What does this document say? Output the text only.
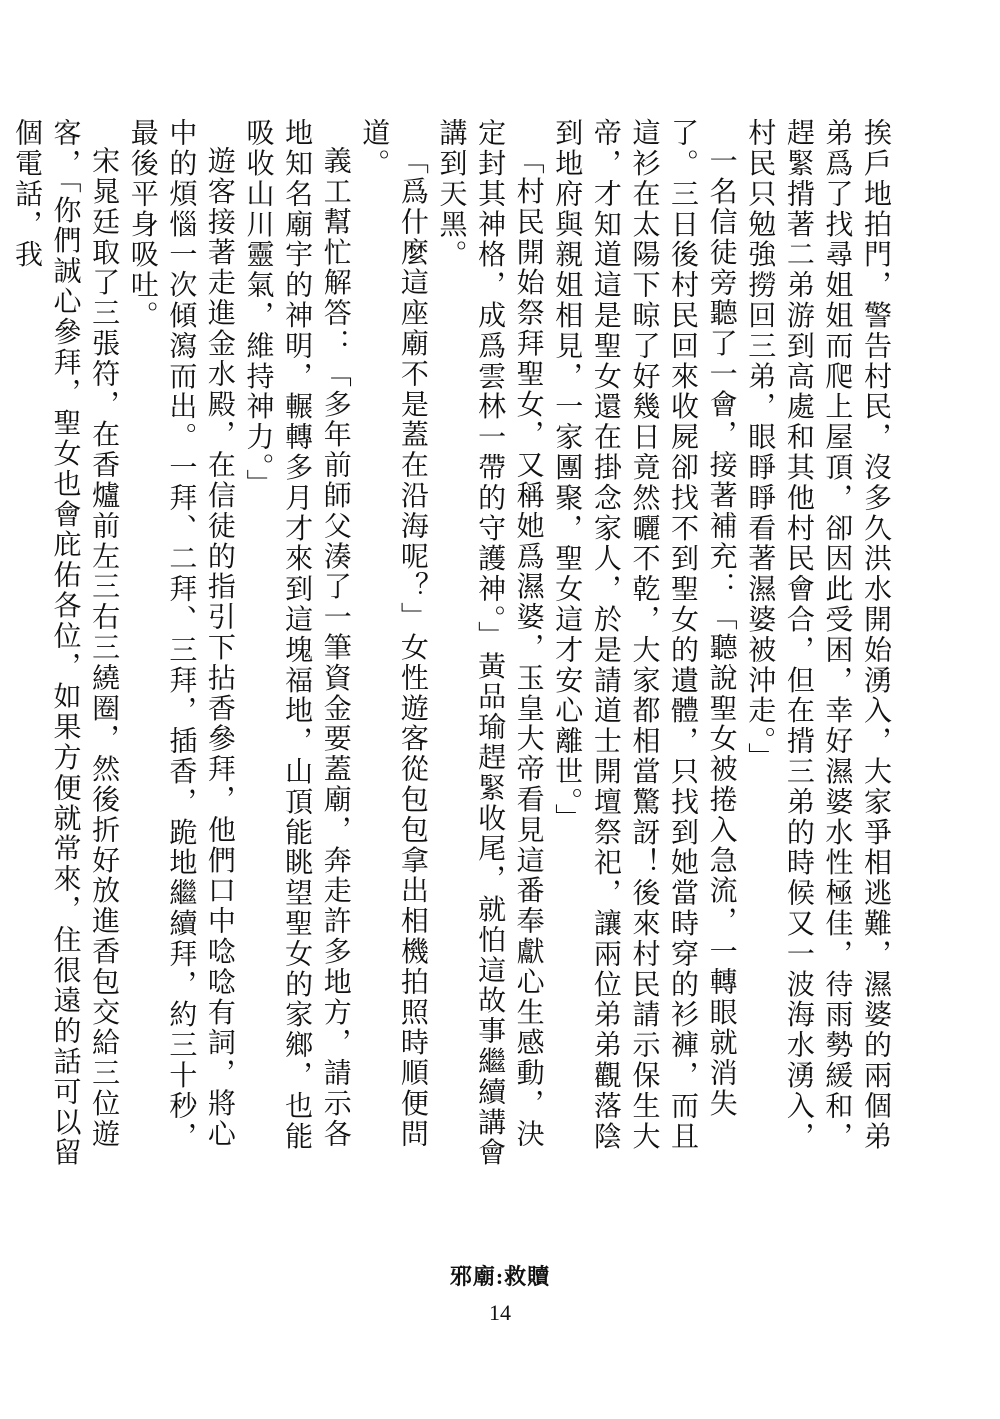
挨戶地拍門，警告村民，沒多久洪水開始湧入，大家爭相逃難，濕婆的兩個弟弟爲了找尋姐姐而爬上屋頂，卻因此受困，幸好濕婆水性極佳，待雨勢緩和，趕緊揹著二弟游到高處和其他村民會合，但在揹三弟的時候又一波海水湧入，村民只勉強撈回三弟，眼睜睜看著濕婆被沖走。」

一名信徒旁聽了一會，接著補充：「聽說聖女被捲入急流，一轉眼就消失了。三日後村民回來收屍卻找不到聖女的遺體，只找到她當時穿的衫褲，而且這衫在太陽下晾了好幾日竟然曬不乾，大家都相當驚訝！後來村民請示保生大帝，才知道這是聖女還在掛念家人，於是請道士開壇祭祀，讓兩位弟弟觀落陰到地府與親姐相見，一家團聚，聖女這才安心離世。」

「村民開始祭拜聖女，又稱她爲濕婆，玉皇大帝看見這番奉獻心生感動，決定封其神格，成爲雲林一帶的守護神。」黃品瑜趕緊收尾，就怕這故事繼續講會講到天黑。

「爲什麼這座廟不是蓋在沿海呢？」女性遊客從包包拿出相機拍照時順便問道。

義工幫忙解答：「多年前師父湊了一筆資金要蓋廟，奔走許多地方，請示各地知名廟宇的神明，輾轉多月才來到這塊福地，山頂能眺望聖女的家鄉，也能吸收山川靈氣，維持神力。」

遊客接著走進金水殿，在信徒的指引下拈香參拜，他們口中唸唸有詞，將心中的煩惱一次傾瀉而出。一拜、二拜、三拜，插香，跪地繼續拜，約三十秒，最後平身吸吐。

宋晁廷取了三張符，在香爐前左三右三繞圈，然後折好放進香包交給三位遊客，「你們誠心參拜，聖女也會庇佑各位，如果方便就常來，住很遠的話可以留個電話，我

邪廟:救贖
14
